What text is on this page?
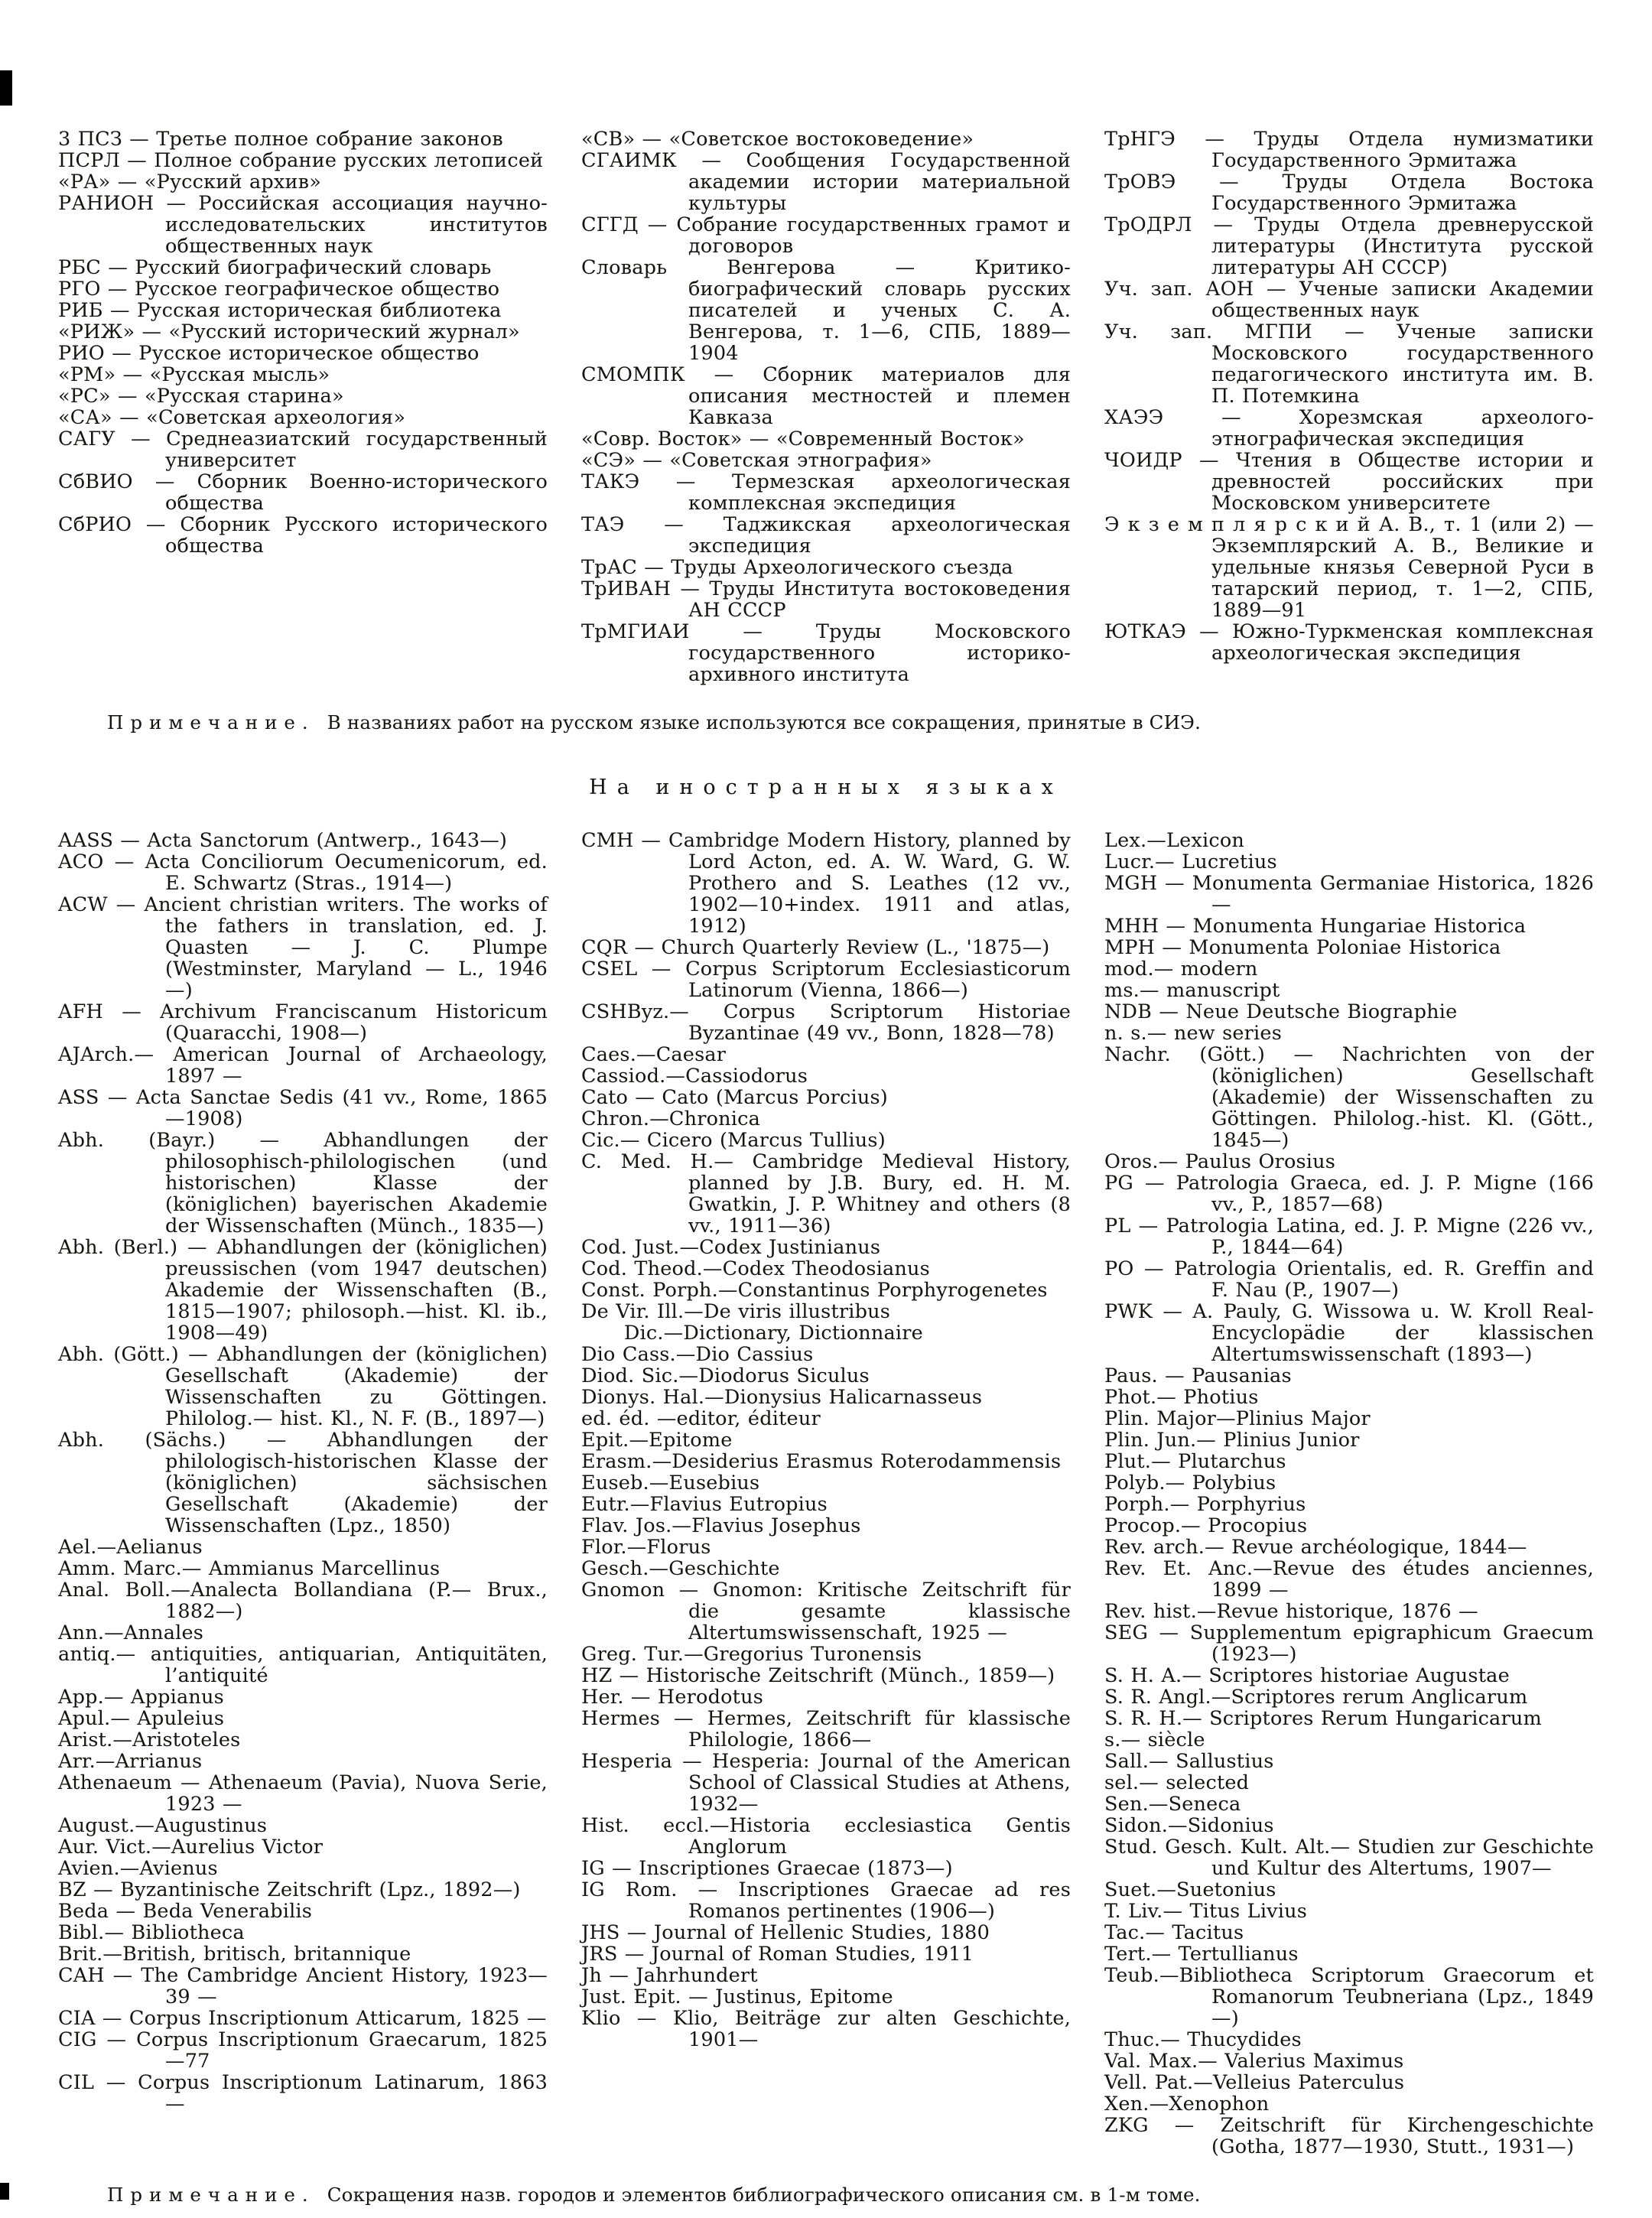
3 ПСЗ — Третье полное собрание законов

ПСРЛ — Полное собрание русских летописей

«РА» — «Русский архив»

РАНИОН — Российская ассоциация научно-исследовательских институтов общественных наук

РБС — Русский биографический словарь

РГО — Русское географическое общество

РИБ — Русская историческая библиотека

«РИЖ» — «Русский исторический журнал»

РИО — Русское историческое общество

«РМ» — «Русская мысль»

«РС» — «Русская старина»

«СА» — «Советская археология»

САГУ — Среднеазиатский государственный университет

СбВИО — Сборник Военно-исторического общества

СбРИО — Сборник Русского исторического общества

«СВ» — «Советское востоковедение»

СГАИМК — Сообщения Государственной академии истории материальной культуры

СГГД — Собрание государственных грамот и договоров

Словарь Венгерова — Критико-биографический словарь русских писателей и ученых С. А. Венгерова, т. 1—6, СПБ, 1889—1904

СМОМПК — Сборник материалов для описания местностей и племен Кавказа

«Совр. Восток» — «Современный Восток»

«СЭ» — «Советская этнография»

ТАКЭ — Термезская археологическая комплексная экспедиция

ТАЭ — Таджикская археологическая экспедиция

ТрАС — Труды Археологического съезда

ТрИВАН — Труды Института востоковедения АН СССР

ТрМГИАИ — Труды Московского государственного историко-архивного института

ТрНГЭ — Труды Отдела нумизматики Государственного Эрмитажа

ТрОВЭ — Труды Отдела Востока Государственного Эрмитажа

ТрОДРЛ — Труды Отдела древнерусской литературы (Института русской литературы АН СССР)

Уч. зап. АОН — Ученые записки Академии общественных наук

Уч. зап. МГПИ — Ученые записки Московского государственного педагогического института им. В. П. Потемкина

ХАЭЭ — Хорезмская археолого-этнографическая экспедиция

ЧОИДР — Чтения в Обществе истории и древностей российских при Московском университете

Э к з е м п л я р с к и й А. В., т. 1 (или 2) — Экземплярский А. В., Великие и удельные князья Северной Руси в татарский период, т. 1—2, СПБ, 1889—91

ЮТКАЭ — Южно-Туркменская комплексная археологическая экспедиция

Примечание. В названиях работ на русском языке используются все сокращения, принятые в СИЭ.

На иностранных языках

AASS — Acta Sanctorum (Antwerp., 1643—)

ACO — Acta Conciliorum Oecumenicorum, ed. E. Schwartz (Stras., 1914—)

ACW — Ancient christian writers. The works of the fathers in translation, ed. J. Quasten — J. C. Plumpe (Westminster, Maryland — L., 1946—)

AFH — Archivum Franciscanum Historicum (Quaracchi, 1908—)

AJArch.— American Journal of Archaeology, 1897 —

ASS — Acta Sanctae Sedis (41 vv., Rome, 1865—1908)

Abh. (Bayr.) — Abhandlungen der philosophisch-philologischen (und historischen) Klasse der (königlichen) bayerischen Akademie der Wissenschaften (Münch., 1835—)

Abh. (Berl.) — Abhandlungen der (königlichen) preussischen (vom 1947 deutschen) Akademie der Wissenschaften (B., 1815—1907; philosoph.—hist. Kl. ib., 1908—49)

Abh. (Gött.) — Abhandlungen der (königlichen) Gesellschaft (Akademie) der Wissenschaften zu Göttingen. Philolog.— hist. Kl., N. F. (B., 1897—)

Abh. (Sächs.) — Abhandlungen der philologisch-historischen Klasse der (königlichen) sächsischen Gesellschaft (Akademie) der Wissenschaften (Lpz., 1850)

Ael.—Aelianus

Amm. Marc.— Ammianus Marcellinus

Anal. Boll.—Analecta Bollandiana (P.— Brux., 1882—)

Ann.—Annales

antiq.— antiquities, antiquarian, Antiquitäten, l’antiquité

App.— Appianus

Apul.— Apuleius

Arist.—Aristoteles

Arr.—Arrianus

Athenaeum — Athenaeum (Pavia), Nuova Serie, 1923 —

August.—Augustinus

Aur. Vict.—Aurelius Victor

Avien.—Avienus

BZ — Byzantinische Zeitschrift (Lpz., 1892—)

Beda — Beda Venerabilis

Bibl.— Bibliotheca

Brit.—British, britisch, britannique

CAH — The Cambridge Ancient History, 1923—39 —

CIA — Corpus Inscriptionum Atticarum, 1825 —

CIG — Corpus Inscriptionum Graecarum, 1825—77

CIL — Corpus Inscriptionum Latinarum, 1863 —

CMH — Cambridge Modern History, planned by Lord Acton, ed. A. W. Ward, G. W. Prothero and S. Leathes (12 vv., 1902—10+index. 1911 and atlas, 1912)

CQR — Church Quarterly Review (L., '1875—)

CSEL — Corpus Scriptorum Ecclesiasticorum Latinorum (Vienna, 1866—)

CSHByz.— Corpus Scriptorum Historiae Byzantinae (49 vv., Bonn, 1828—78)

Caes.—Caesar

Cassiod.—Cassiodorus

Cato — Cato (Marcus Porcius)

Chron.—Chronica

Cic.— Cicero (Marcus Tullius)

C. Med. H.— Cambridge Medieval History, planned by J.B. Bury, ed. H. M. Gwatkin, J. P. Whitney and others (8 vv., 1911—36)

Cod. Just.—Codex Justinianus

Cod. Theod.—Codex Theodosianus

Const. Porph.—Constantinus Porphyrogenetes

De Vir. Ill.—De viris illustribus

Dic.—Dictionary, Dictionnaire

Dio Cass.—Dio Cassius

Diod. Sic.—Diodorus Siculus

Dionys. Hal.—Dionysius Halicarnasseus

ed. éd. —editor, éditeur

Epit.—Epitome

Erasm.—Desiderius Erasmus Roterodammensis

Euseb.—Eusebius

Eutr.—Flavius Eutropius

Flav. Jos.—Flavius Josephus

Flor.—Florus

Gesch.—Geschichte

Gnomon — Gnomon: Kritische Zeitschrift für die gesamte klassische Altertumswissenschaft, 1925 —

Greg. Tur.—Gregorius Turonensis

HZ — Historische Zeitschrift (Münch., 1859—)

Her. — Herodotus

Hermes — Hermes, Zeitschrift für klassische Philologie, 1866—

Hesperia — Hesperia: Journal of the American School of Classical Studies at Athens, 1932—

Hist. eccl.—Historia ecclesiastica Gentis Anglorum

IG — Inscriptiones Graecae (1873—)

IG Rom. — Inscriptiones Graecae ad res Romanos pertinentes (1906—)

JHS — Journal of Hellenic Studies, 1880

JRS — Journal of Roman Studies, 1911

Jh — Jahrhundert

Just. Epit. — Justinus, Epitome

Klio — Klio, Beiträge zur alten Geschichte, 1901—

Lex.—Lexicon

Lucr.— Lucretius

MGH — Monumenta Germaniae Historica, 1826 —

MHH — Monumenta Hungariae Historica

MPH — Monumenta Poloniae Historica

mod.— modern

ms.— manuscript

NDB — Neue Deutsche Biographie

n. s.— new series

Nachr. (Gött.) — Nachrichten von der (königlichen) Gesellschaft (Akademie) der Wissenschaften zu Göttingen. Philolog.-hist. Kl. (Gött., 1845—)

Oros.— Paulus Orosius

PG — Patrologia Graeca, ed. J. P. Migne (166 vv., P., 1857—68)

PL — Patrologia Latina, ed. J. P. Migne (226 vv., P., 1844—64)

PO — Patrologia Orientalis, ed. R. Greffin and F. Nau (P., 1907—)

PWK — A. Pauly, G. Wissowa u. W. Kroll Real-Encyclopädie der klassischen Altertumswissenschaft (1893—)

Paus. — Pausanias

Phot.— Photius

Plin. Major—Plinius Major

Plin. Jun.— Plinius Junior

Plut.— Plutarchus

Polyb.— Polybius

Porph.— Porphyrius

Procop.— Procopius

Rev. arch.— Revue archéologique, 1844—

Rev. Et. Anc.—Revue des études anciennes, 1899 —

Rev. hist.—Revue historique, 1876 —

SEG — Supplementum epigraphicum Graecum (1923—)

S. H. A.— Scriptores historiae Augustae

S. R. Angl.—Scriptores rerum Anglicarum

S. R. H.— Scriptores Rerum Hungaricarum

s.— siècle

Sall.— Sallustius

sel.— selected

Sen.—Seneca

Sidon.—Sidonius

Stud. Gesch. Kult. Alt.— Studien zur Geschichte und Kultur des Altertums, 1907—

Suet.—Suetonius

T. Liv.— Titus Livius

Tac.— Tacitus

Tert.— Tertullianus

Teub.—Bibliotheca Scriptorum Graecorum et Romanorum Teubneriana (Lpz., 1849—)

Thuc.— Thucydides

Val. Max.— Valerius Maximus

Vell. Pat.—Velleius Paterculus

Xen.—Xenophon

ZKG — Zeitschrift für Kirchengeschichte (Gotha, 1877—1930, Stutt., 1931—)

Примечание. Сокращения назв. городов и элементов библиографического описания см. в 1-м томе.
